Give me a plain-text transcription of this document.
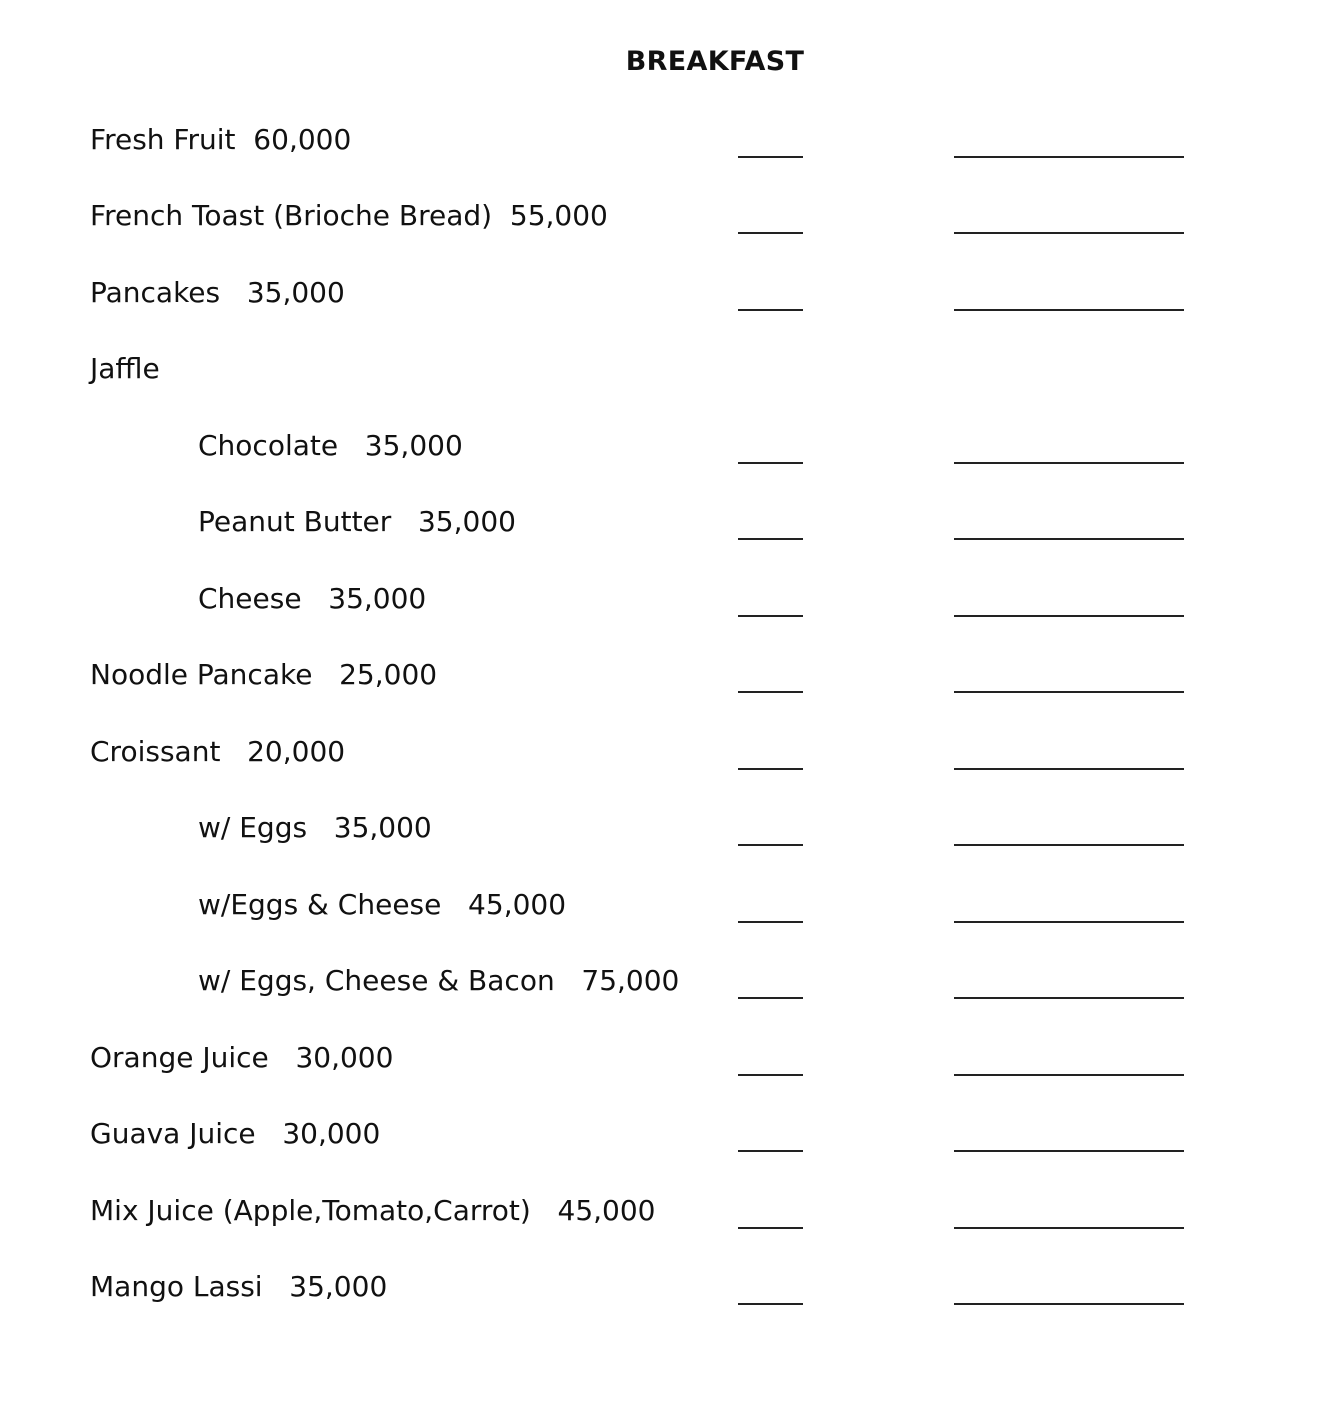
BREAKFAST
Fresh Fruit  60,000
French Toast (Brioche Bread)  55,000
Pancakes   35,000
Jaffle
Chocolate   35,000
Peanut Butter   35,000
Cheese   35,000
Noodle Pancake   25,000
Croissant   20,000
w/ Eggs   35,000
w/Eggs & Cheese   45,000
w/ Eggs, Cheese & Bacon   75,000
Orange Juice   30,000
Guava Juice   30,000
Mix Juice (Apple,Tomato,Carrot)   45,000
Mango Lassi   35,000
